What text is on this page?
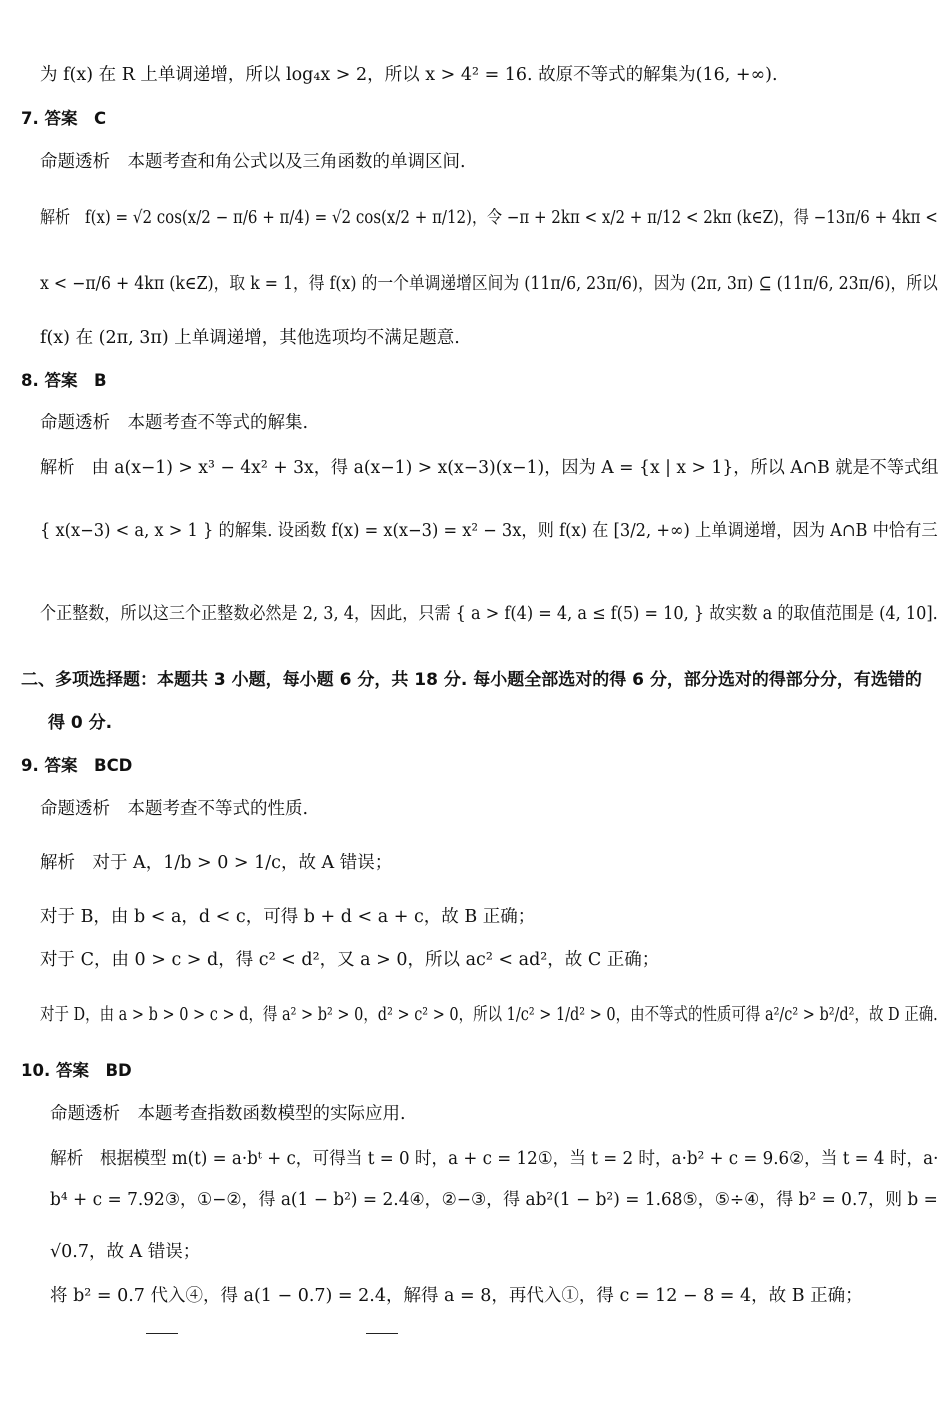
为 f(x) 在 R 上单调递增，所以 log₄x > 2，所以 x > 4² = 16. 故原不等式的解集为(16, +∞).
7. 答案　C
命题透析　本题考查和角公式以及三角函数的单调区间.
解析　f(x) = √2 cos(x/2 − π/6 + π/4) = √2 cos(x/2 + π/12)，令 −π + 2kπ < x/2 + π/12 < 2kπ (k∈Z)，得 −13π/6 + 4kπ <
x < −π/6 + 4kπ (k∈Z)，取 k = 1，得 f(x) 的一个单调递增区间为 (11π/6, 23π/6)，因为 (2π, 3π) ⊆ (11π/6, 23π/6)，所以
f(x) 在 (2π, 3π) 上单调递增，其他选项均不满足题意.
8. 答案　B
命题透析　本题考查不等式的解集.
解析　由 a(x−1) > x³ − 4x² + 3x，得 a(x−1) > x(x−3)(x−1)，因为 A = {x | x > 1}，所以 A∩B 就是不等式组
{ x(x−3) < a, x > 1 } 的解集. 设函数 f(x) = x(x−3) = x² − 3x，则 f(x) 在 [3/2, +∞) 上单调递增，因为 A∩B 中恰有三
个正整数，所以这三个正整数必然是 2, 3, 4，因此，只需 { a > f(4) = 4, a ≤ f(5) = 10, } 故实数 a 的取值范围是 (4, 10].
二、多项选择题：本题共 3 小题，每小题 6 分，共 18 分. 每小题全部选对的得 6 分，部分选对的得部分分，有选错的
得 0 分.
9. 答案　BCD
命题透析　本题考查不等式的性质.
解析　对于 A，1/b > 0 > 1/c，故 A 错误；
对于 B，由 b < a，d < c，可得 b + d < a + c，故 B 正确；
对于 C，由 0 > c > d，得 c² < d²，又 a > 0，所以 ac² < ad²，故 C 正确；
对于 D，由 a > b > 0 > c > d，得 a² > b² > 0，d² > c² > 0，所以 1/c² > 1/d² > 0，由不等式的性质可得 a²/c² > b²/d²，故 D 正确.
10. 答案　BD
命题透析　本题考查指数函数模型的实际应用.
解析　根据模型 m(t) = a·bᵗ + c，可得当 t = 0 时，a + c = 12①，当 t = 2 时，a·b² + c = 9.6②，当 t = 4 时，a·
b⁴ + c = 7.92③，①−②，得 a(1 − b²) = 2.4④，②−③，得 ab²(1 − b²) = 1.68⑤，⑤÷④，得 b² = 0.7，则 b =
√0.7，故 A 错误；
将 b² = 0.7 代入④，得 a(1 − 0.7) = 2.4，解得 a = 8，再代入①，得 c = 12 − 8 = 4，故 B 正确；
